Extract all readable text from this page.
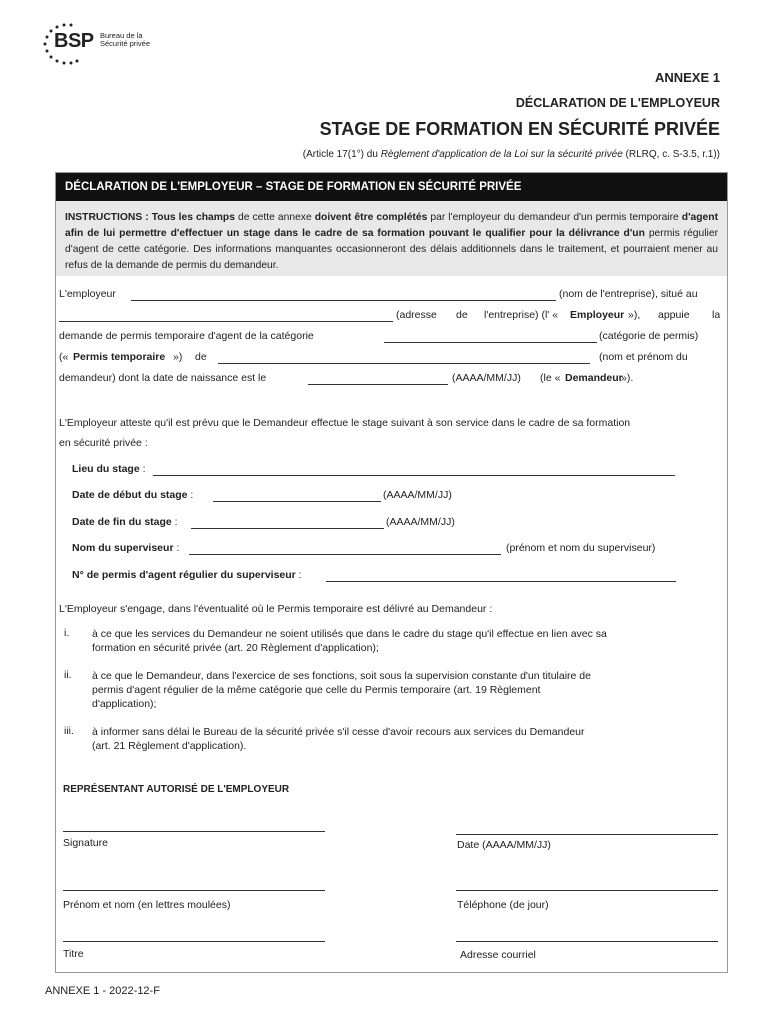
BSP Bureau de la
Sécurité privée
ANNEXE 1
DÉCLARATION DE L'EMPLOYEUR
STAGE DE FORMATION EN SÉCURITÉ PRIVÉE
(Article 17(1°) du Règlement d'application de la Loi sur la sécurité privée (RLRQ, c. S-3.5, r.1))
DÉCLARATION DE L'EMPLOYEUR – STAGE DE FORMATION EN SÉCURITÉ PRIVÉE
INSTRUCTIONS : Tous les champs de cette annexe doivent être complétés par l'employeur du demandeur d'un permis temporaire d'agent afin de lui permettre d'effectuer un stage dans le cadre de sa formation pouvant le qualifier pour la délivrance d'un permis régulier d'agent de cette catégorie. Des informations manquantes occasionneront des délais additionnels dans le traitement, et pourraient mener au refus de la demande de permis du demandeur.
L'employeur	(nom de l'entreprise), situé au
(adresse de l'entreprise) (l' « Employeur »), appuie la
demande de permis temporaire d'agent de la catégorie	(catégorie de permis)
(« Permis temporaire ») de	(nom et prénom du
demandeur) dont la date de naissance est le	(AAAA/MM/JJ) (le « Demandeur
»).
L'Employeur atteste qu'il est prévu que le Demandeur effectue le stage suivant à son service dans le cadre de sa formation
en sécurité privée :
Lieu du stage :
Date de début du stage :	(AAAA/MM/JJ)
Date de fin du stage :	(AAAA/MM/JJ)
Nom du superviseur :	(prénom et nom du superviseur)
N° de permis d'agent régulier du superviseur :
L'Employeur s'engage, dans l'éventualité où le Permis temporaire est délivré au Demandeur :
i. à ce que les services du Demandeur ne soient utilisés que dans le cadre du stage qu'il effectue en lien avec sa
formation en sécurité privée (art. 20 Règlement d'application);
ii. à ce que le Demandeur, dans l'exercice de ses fonctions, soit sous la supervision constante d'un titulaire de
permis d'agent régulier de la même catégorie que celle du Permis temporaire (art. 19 Règlement
d'application);
iii. à informer sans délai le Bureau de la sécurité privée s'il cesse d'avoir recours aux services du Demandeur
(art. 21 Règlement d'application).
REPRÉSENTANT AUTORISÉ DE L'EMPLOYEUR
Signature	Date (AAAA/MM/JJ)
Prénom et nom (en lettres moulées)	Téléphone (de jour)
Titre	Adresse courriel
ANNEXE 1 - 2022-12-F
